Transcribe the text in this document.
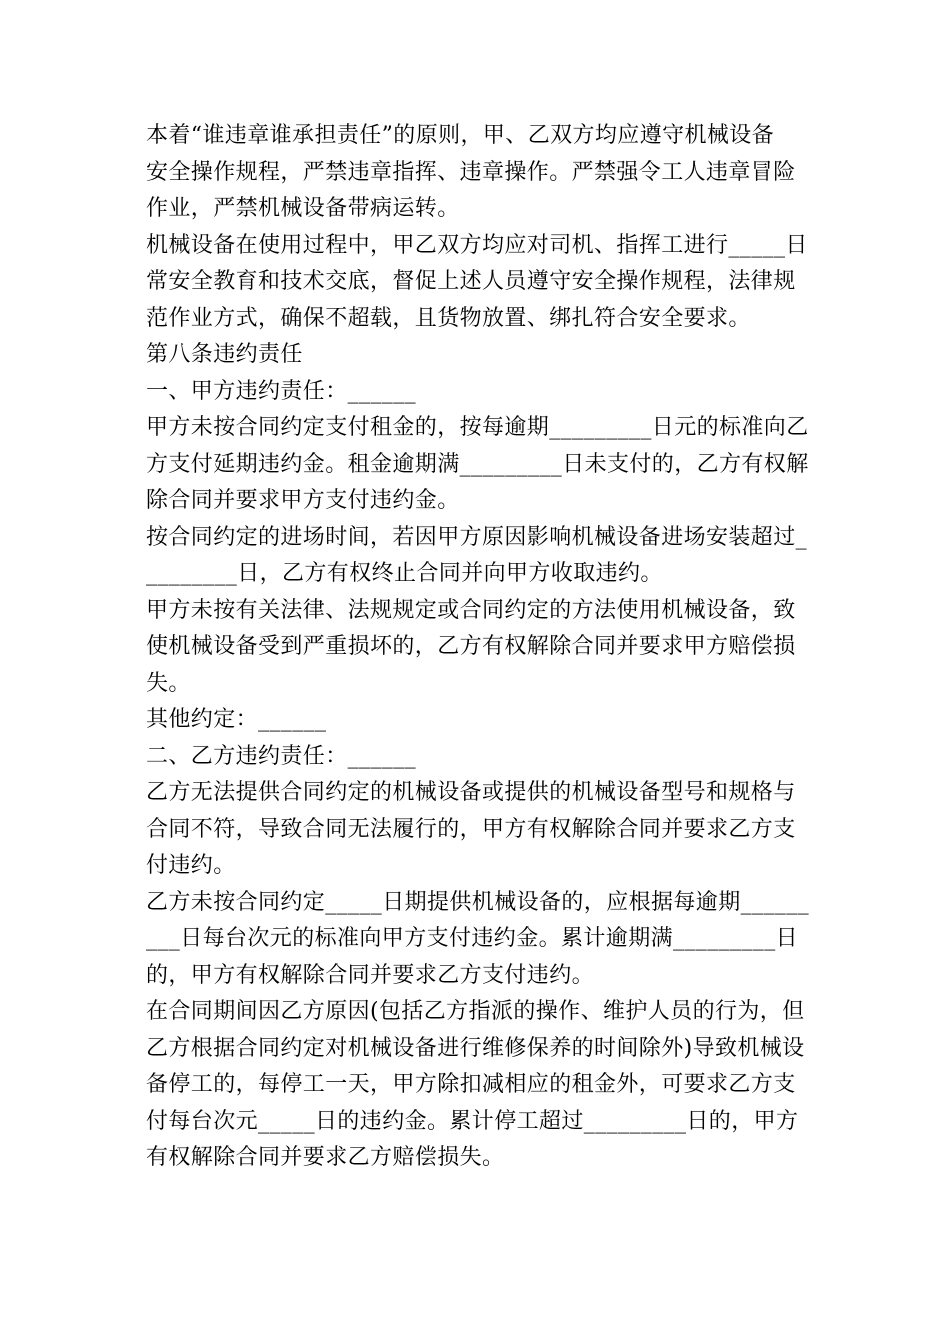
本着“谁违章谁承担责任”的原则，甲、乙双方均应遵守机械设备
安全操作规程，严禁违章指挥、违章操作。严禁强令工人违章冒险
作业，严禁机械设备带病运转。
机械设备在使用过程中，甲乙双方均应对司机、指挥工进行_____日
常安全教育和技术交底，督促上述人员遵守安全操作规程，法律规
范作业方式，确保不超载，且货物放置、绑扎符合安全要求。
第八条违约责任
一、甲方违约责任：______
甲方未按合同约定支付租金的，按每逾期_________日元的标准向乙
方支付延期违约金。租金逾期满_________日未支付的，乙方有权解
除合同并要求甲方支付违约金。
按合同约定的进场时间，若因甲方原因影响机械设备进场安装超过_
________日，乙方有权终止合同并向甲方收取违约。
甲方未按有关法律、法规规定或合同约定的方法使用机械设备，致
使机械设备受到严重损坏的，乙方有权解除合同并要求甲方赔偿损
失。
其他约定：______
二、乙方违约责任：______
乙方无法提供合同约定的机械设备或提供的机械设备型号和规格与
合同不符，导致合同无法履行的，甲方有权解除合同并要求乙方支
付违约。
乙方未按合同约定_____日期提供机械设备的，应根据每逾期______
___日每台次元的标准向甲方支付违约金。累计逾期满_________日
的，甲方有权解除合同并要求乙方支付违约。
在合同期间因乙方原因(包括乙方指派的操作、维护人员的行为，但
乙方根据合同约定对机械设备进行维修保养的时间除外)导致机械设
备停工的，每停工一天，甲方除扣减相应的租金外，可要求乙方支
付每台次元_____日的违约金。累计停工超过_________日的，甲方
有权解除合同并要求乙方赔偿损失。
